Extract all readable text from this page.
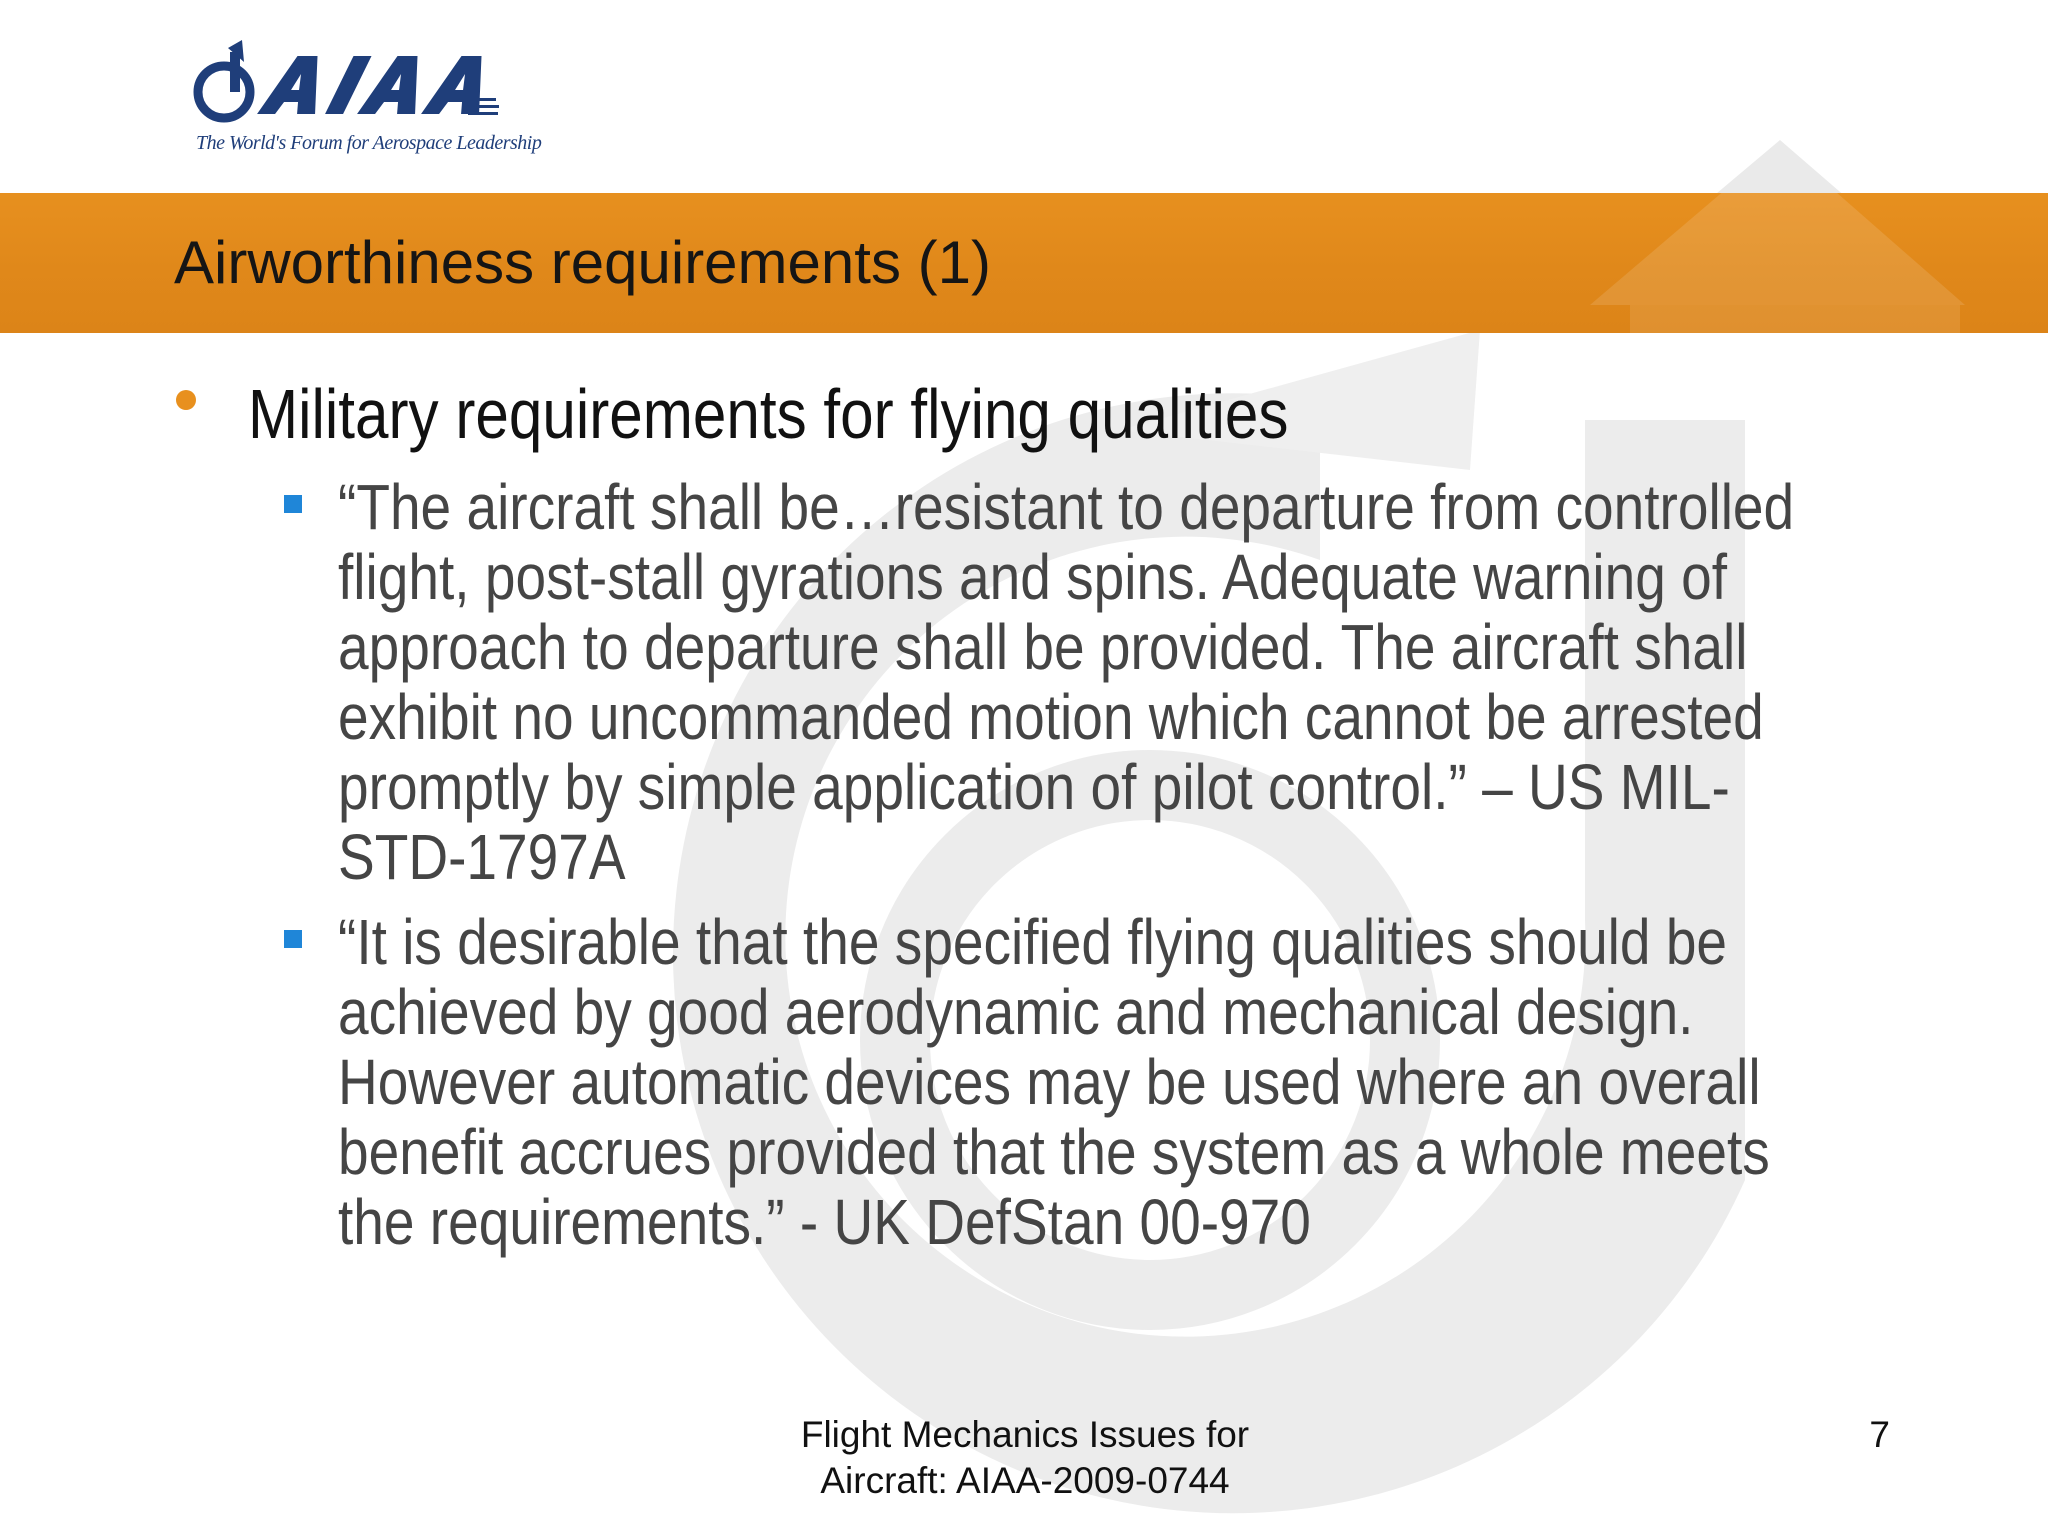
The World's Forum for Aerospace Leadership
Airworthiness requirements (1)
Military requirements for flying qualities
“The aircraft shall be…resistant to departure from controlled
flight, post-stall gyrations and spins. Adequate warning of
approach to departure shall be provided. The aircraft shall
exhibit no uncommanded motion which cannot be arrested
promptly by simple application of pilot control.” – US MIL-
STD-1797A
“It is desirable that the specified flying qualities should be
achieved by good aerodynamic and mechanical design.
However automatic devices may be used where an overall
benefit accrues provided that the system as a whole meets
the requirements.” - UK DefStan 00-970
Flight Mechanics Issues for
Aircraft: AIAA-2009-0744
7
